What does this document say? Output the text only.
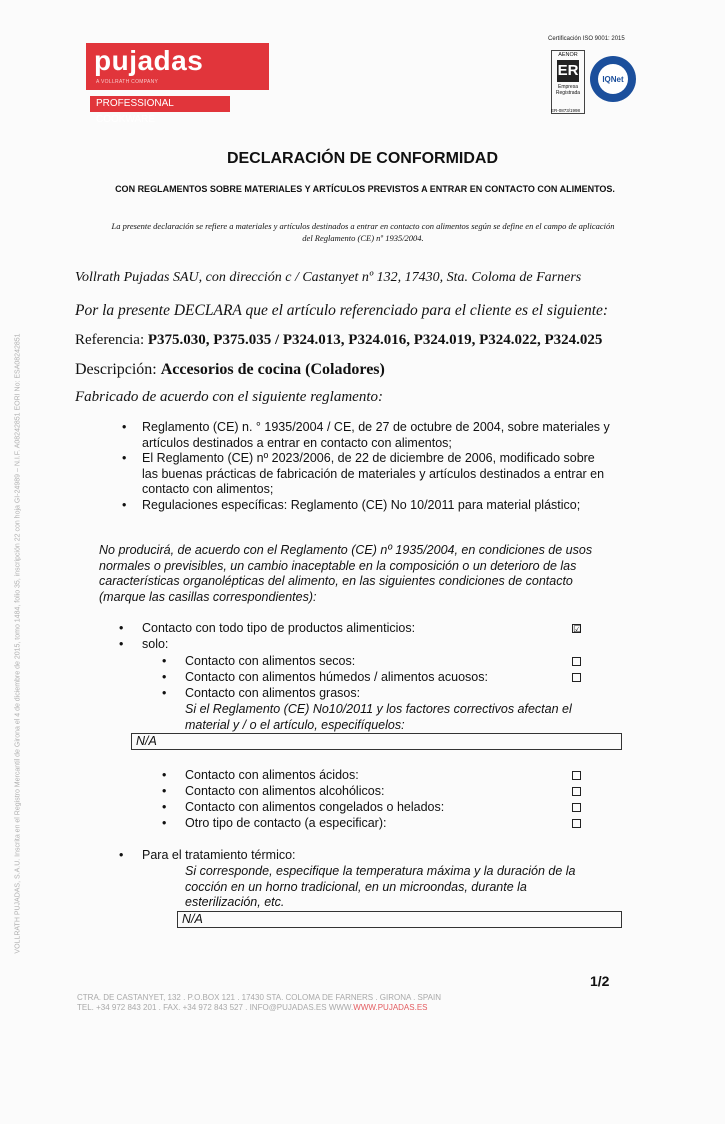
VOLLRATH PUJADAS, S.A.U. Inscrita en el Registro Mercantil de Girona el 4 de diciembre de 2015, tomo 1484, folio 35, inscripción 22 con hoja GI-24989 – N.I.F. A08242851 EORI No: ESA08242851
pujadas
A VOLLRATH COMPANY
PROFESSIONAL COOKWARE
Certificación ISO 9001: 2015
AENOR
ER
Empresa Registrada
ER-0873/1998
IQNet
DECLARACIÓN DE CONFORMIDAD
CON REGLAMENTOS SOBRE MATERIALES Y ARTÍCULOS PREVISTOS A ENTRAR EN CONTACTO CON ALIMENTOS.
La presente declaración se refiere a materiales y artículos destinados a entrar en contacto con alimentos según se define en el campo de aplicación del Reglamento (CE) nº 1935/2004.
Vollrath Pujadas SAU, con dirección c / Castanyet nº 132, 17430, Sta. Coloma de Farners
Por la presente DECLARA que el artículo referenciado para el cliente es el siguiente:
Referencia: P375.030, P375.035 / P324.013, P324.016, P324.019, P324.022, P324.025
Descripción: Accesorios de cocina (Coladores)
Fabricado de acuerdo con el siguiente reglamento:
• Reglamento (CE) n. ° 1935/2004 / CE, de 27 de octubre de 2004, sobre materiales y artículos destinados a entrar en contacto con alimentos;
• El Reglamento (CE) nº 2023/2006, de 22 de diciembre de 2006, modificado sobre las buenas prácticas de fabricación de materiales y artículos destinados a entrar en contacto con alimentos;
• Regulaciones específicas: Reglamento (CE) No 10/2011 para material plástico;
No producirá, de acuerdo con el Reglamento (CE) nº 1935/2004, en condiciones de usos normales o previsibles, un cambio inaceptable en la composición o un deterioro de las características organolépticas del alimento, en las siguientes condiciones de contacto (marque las casillas correspondientes):
• Contacto con todo tipo de productos alimenticios:	☑
• solo:
• Contacto con alimentos secos:
• Contacto con alimentos húmedos / alimentos acuosos:
• Contacto con alimentos grasos:
Si el Reglamento (CE) No10/2011 y los factores correctivos afectan el material y / o el artículo, especifíquelos:
N/A
• Contacto con alimentos ácidos:
• Contacto con alimentos alcohólicos:
• Contacto con alimentos congelados o helados:
• Otro tipo de contacto (a especificar):
• Para el tratamiento térmico:
Si corresponde, especifique la temperatura máxima y la duración de la cocción en un horno tradicional, en un microondas, durante la esterilización, etc.
N/A
1/2
CTRA. DE CASTANYET, 132 . P.O.BOX 121 . 17430 STA. COLOMA DE FARNERS . GIRONA . SPAIN
TEL. +34 972 843 201 . FAX. +34 972 843 527 . INFO@PUJADAS.ES WWW.WWW.PUJADAS.ES
